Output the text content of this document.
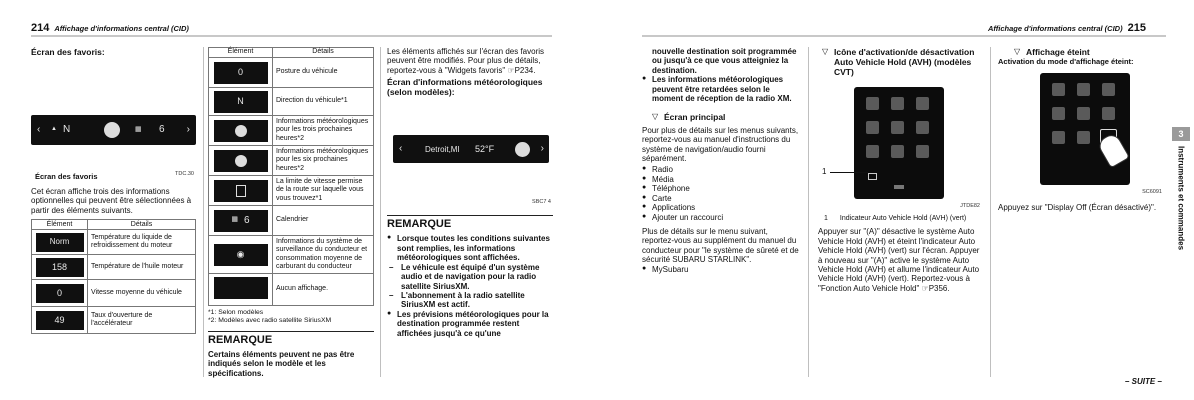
214 Affichage d'informations central (CID)	Affichage d'informations central (CID) 215
Écran des favoris:
‹ ▲ N	▦ 6 ›
TDC.30
Écran des favoris

Cet écran affiche trois des informations optionnelles qui peuvent être sélectionnées à partir des éléments suivants.

Élément	Détails

Norm	Température du liquide de refroidissement du moteur

158	Température de l'huile moteur

0	Vitesse moyenne du véhicule

49	Taux d'ouverture de l'accélérateur
Élément	Détails

0	Posture du véhicule

N	Direction du véhicule*1

	Informations météorologiques pour les trois prochaines heures*2

	Informations météorologiques pour les six prochaines heures*2

	La limite de vitesse permise de la route sur laquelle vous vous trouvez*1

▦ 6	Calendrier

◉	Informations du système de surveillance du conducteur et consommation moyenne de carburant du conducteur
	Aucun affichage.
*1: Selon modèles
*2: Modèles avec radio satellite SiriusXM
REMARQUE

Certains éléments peuvent ne pas être indiqués selon le modèle et les spécifications.

Les éléments affichés sur l'écran des favoris peuvent être modifiés. Pour plus de détails, reportez-vous à "Widgets favoris" ☞P234.

Écran d'informations météorologiques (selon modèles):
‹	Detroit,MI 52°F	›
SBC7 4
REMARQUE
● Lorsque toutes les conditions suivantes sont remplies, les informations météorologiques sont affichées.
– Le véhicule est équipé d'un système audio et de navigation pour la radio satellite SiriusXM.
– L'abonnement à la radio satellite SiriusXM est actif.
● Les prévisions météorologiques pour la destination programmée restent affichées jusqu'à ce qu'une

nouvelle destination soit programmée ou jusqu'à ce que vous atteigniez la destination.

● Les informations météorologiques peuvent être retardées selon le moment de réception de la radio XM.
▽ Écran principal

Pour plus de détails sur les menus suivants, reportez-vous au manuel d'instructions du système de navigation/audio fourni séparément.

● Radio
● Média
● Téléphone
● Carte
● Applications
● Ajouter un raccourci

Plus de détails sur le menu suivant, reportez-vous au supplément du manuel du conducteur pour "le système de sûreté et de sécurité SUBARU STARLINK".

● MySubaru
▽ Icône d'activation/de désactivation Auto Vehicle Hold (AVH) (modèles CVT)
1
JTDE82
1 Indicateur Auto Vehicle Hold (AVH) (vert)

Appuyer sur "(A)" désactive le système Auto Vehicle Hold (AVH) et éteint l'indicateur Auto Vehicle Hold (AVH) (vert) sur l'écran. Appuyer à nouveau sur "(A)" active le système Auto Vehicle Hold (AVH) et allume l'indicateur Auto Vehicle Hold (AVH) (vert). Reportez-vous à "Fonction Auto Vehicle Hold" ☞P356.

▽ Affichage éteint
Activation du mode d'affichage éteint:
SC6091

Appuyez sur "Display Off (Écran désactivé)".

– SUITE –
3
Instruments et commandes
